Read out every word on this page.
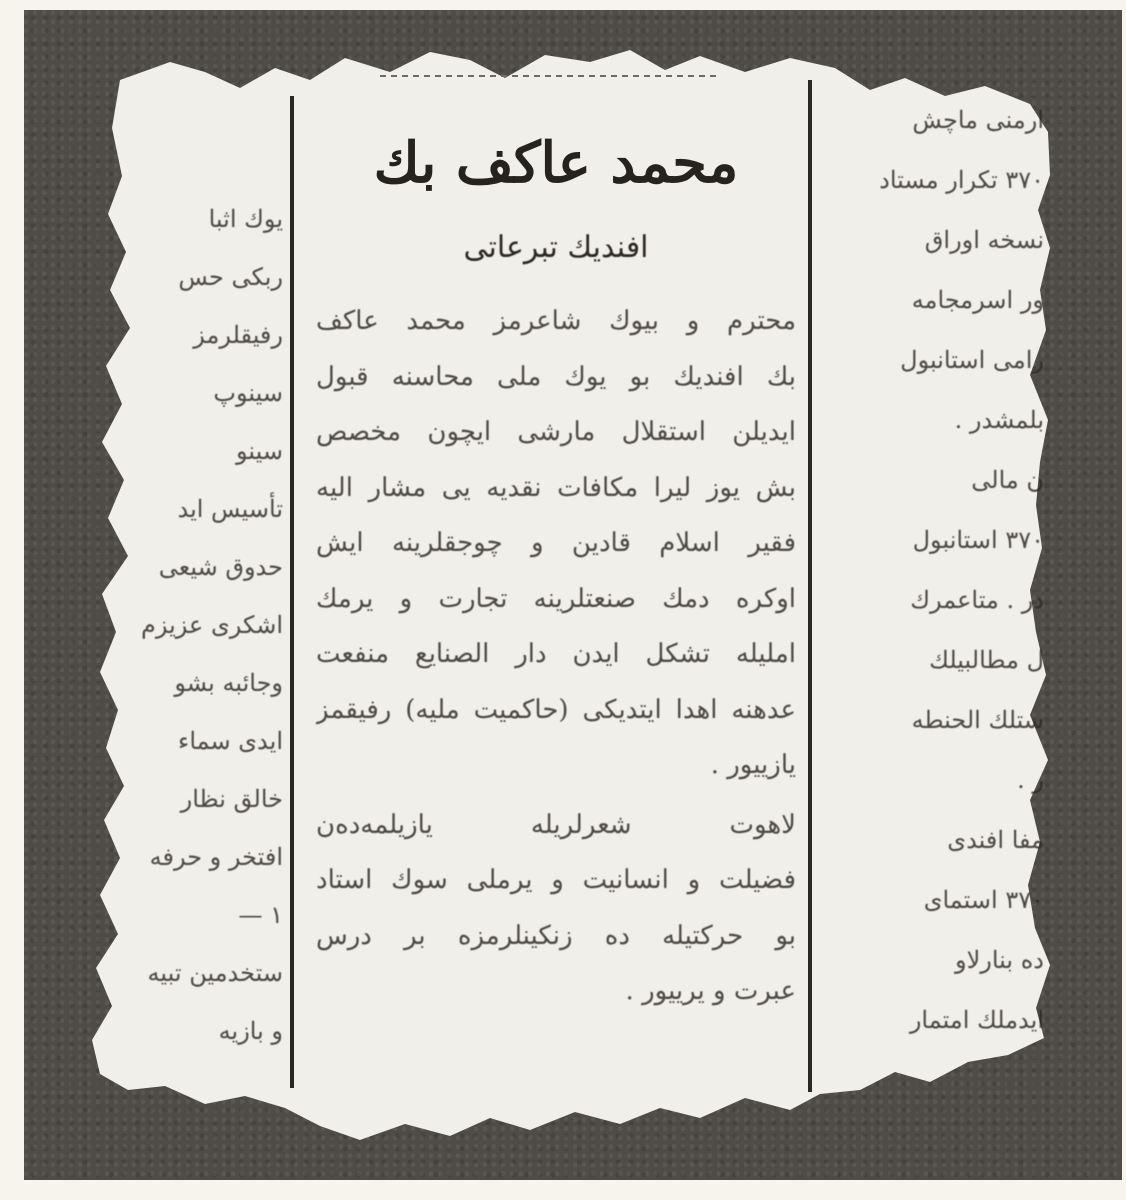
يوك اثبا
ربكى حس
رفيقلرمز
سينوپ
سينو
تأسيس ايد
حدوق شيعى
اشكرى عزيزم
وجائبه بشو
ايدی سماء
خالق نظار
افتخر و حرفه
۱ —
ستخدمين تبيه
و بازيه
محمد عاكف بك
افنديك تبرعاتى
محترم و بیوك شاعرمز محمد عاكف
بك افنديك بو يوك ملى محاسنه قبول
ايديلن استقلال مارشى ايچون مخصص
بش یوز ليرا مكافات نقدیه یی مشار اليه
فقير اسلام قادين و چوجقلرينه ایش
اوكره دمك صنعتلرينه تجارت و يرمك
امليله تشكل ايدن دار الصنايع منفعت
عدهنه اهدا ايتدیكی (حاكميت مليه) رفيقمز
يازييور .
لاهوت شعرلريله يازيلمه‌ده‌ن
فضيلت و انسانيت و يرملى سوك استاد
بو حركتيله ده زنكينلرمزه بر درس
عبرت و يرييور .
ارمنى ماچش
۳۷۰ تکرار مستاد
نسخه اوراق
ور اسرمجامه
رامی استانبول
بلمشدر .
ن مالى
۳۷۰ استانبول
در . متاعمرك
ل مطالبیلك
ستلك الحنطه
ر .
مفا افندى
۳۷۰ استماى
ده بنارلاو
ایدملك امتمار
